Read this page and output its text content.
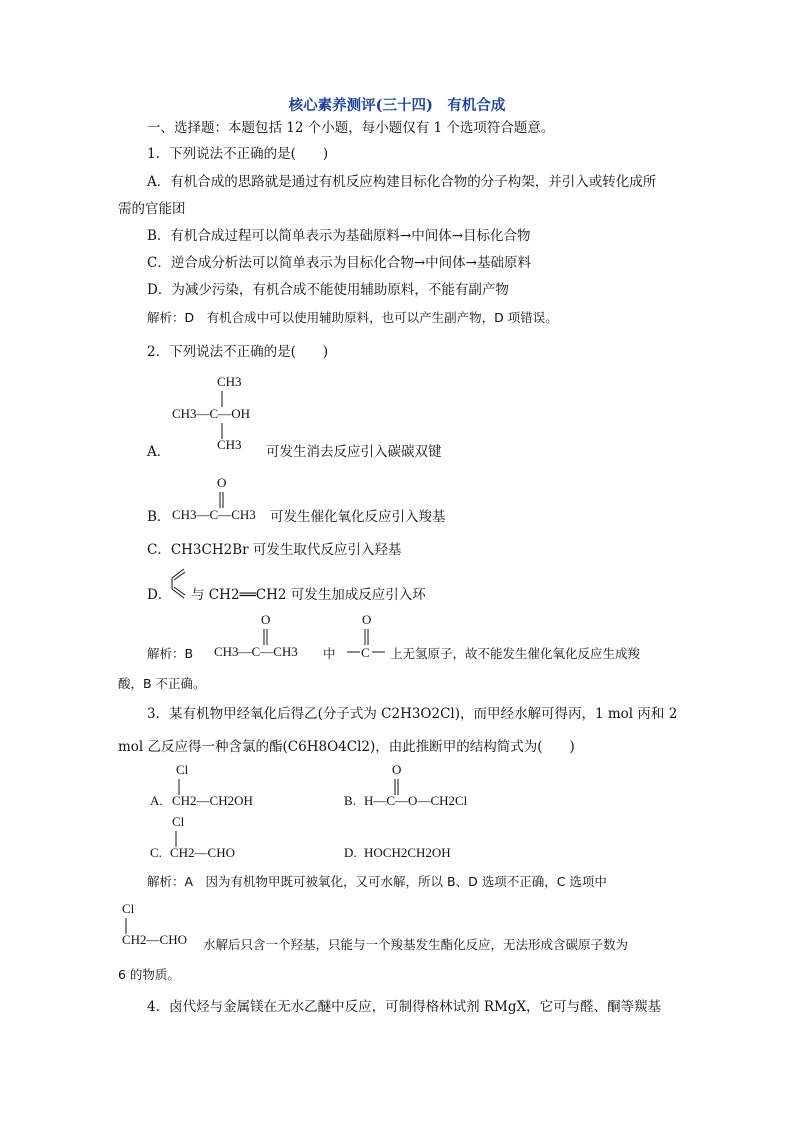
核心素养测评(三十四)　有机合成
一、选择题：本题包括 12 个小题，每小题仅有 1 个选项符合题意。
1．下列说法不正确的是(　　)
A．有机合成的思路就是通过有机反应构建目标化合物的分子构架，并引入或转化成所
需的官能团
B．有机合成过程可以简单表示为基础原料→中间体→目标化合物
C．逆合成分析法可以简单表示为目标化合物→中间体→基础原料
D．为减少污染，有机合成不能使用辅助原料，不能有副产物
解析：D　有机合成中可以使用辅助原料，也可以产生副产物，D 项错误。
2．下列说法不正确的是(　　)
CH3
CH3—C—OH
CH3
A．	可发生消去反应引入碳碳双键
O
CH3—C—CH3
B．	可发生催化氧化反应引入羧基
C．CH3CH2Br 可发生取代反应引入羟基
D． 与 CH2══CH2 可发生加成反应引入环
解析：B
O
CH3—C—CH3 中
O
C 上无氢原子，故不能发生催化氧化反应生成羧
酸，B 不正确。
3．某有机物甲经氧化后得乙(分子式为 C2H3O2Cl)，而甲经水解可得丙，1 mol 丙和 2
mol 乙反应得一种含氯的酯(C6H8O4Cl2)，由此推断甲的结构简式为(　　)
Cl
A. CH2—CH2OH
O
B. H—C—O—CH2Cl
Cl
C. CH2—CHO	D. HOCH2CH2OH
解析：A　因为有机物甲既可被氧化，又可水解，所以 B、D 选项不正确，C 选项中
Cl
CH2—CHO 水解后只含一个羟基，只能与一个羧基发生酯化反应，无法形成含碳原子数为
6 的物质。
4．卤代烃与金属镁在无水乙醚中反应，可制得格林试剂 RMgX，它可与醛、酮等羰基
